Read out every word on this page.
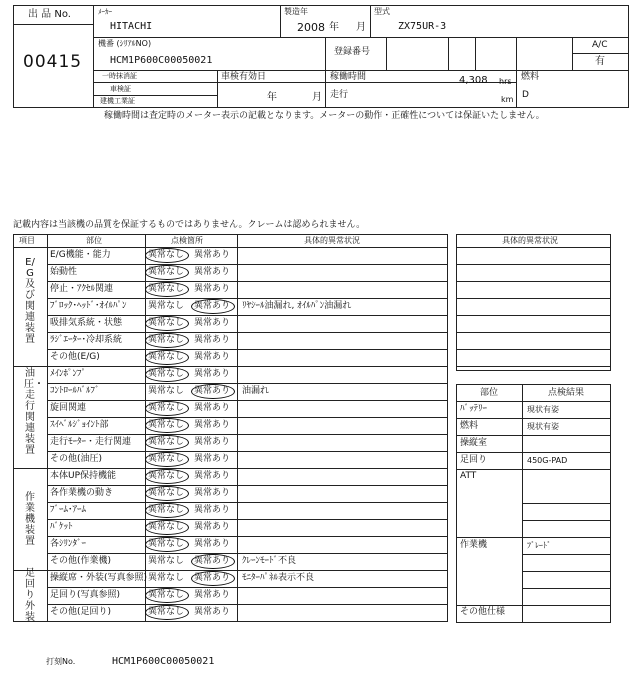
出 品 No.
00415
ﾒｰｶｰ
HITACHI
製造年
2008 年 月
型式
ZX75UR-3
機番 (ｼﾘｱﾙNO)
HCM1P600C00050021
登録番号
A/C
有
一時抹消証
車検証
建機工業証
車検有効日
年	月
稼働時間	4,308 hrs
走行	km
燃料
D
稼働時間は査定時のメーター表示の記載となります。メーターの動作・正確性については保証いたしません。
記載内容は当該機の品質を保証するものではありません。クレームは認められません。
項目	部位	点検箇所	具体的異常状況
E/G機能・能力	異常なし 異常あり
始動性	異常なし 異常あり
停止・ｱｸｾﾙ関連	異常なし 異常あり
ﾌﾞﾛｯｸ･ﾍｯﾄﾞ･ｵｲﾙﾊﾟﾝ 異常なし 異常あり ﾘﾔｼｰﾙ油漏れ, ｵｲﾙﾊﾟﾝ油漏れ
吸排気系統・状態	異常なし 異常あり
ﾗｼﾞｴｰﾀｰ･冷却系統	異常なし 異常あり
その他(E/G)	異常なし 異常あり
E/G及び関連装置
ﾒｲﾝﾎﾟﾝﾌﾟ	異常なし 異常あり
ｺﾝﾄﾛｰﾙﾊﾞﾙﾌﾞ	異常なし 異常あり 油漏れ
旋回関連	異常なし 異常あり
ｽｲﾍﾞﾙｼﾞｮｲﾝﾄ部	異常なし 異常あり
走行ﾓｰﾀｰ・走行関連 異常なし 異常あり
その他(油圧)	異常なし 異常あり
油圧・走行関連装置
本体UP保持機能	異常なし 異常あり
各作業機の動き	異常なし 異常あり
ﾌﾞｰﾑ･ｱｰﾑ	異常なし 異常あり
ﾊﾞｹｯﾄ	異常なし 異常あり
各ｼﾘﾝﾀﾞｰ	異常なし 異常あり
その他(作業機)	異常なし 異常あり ｸﾚｰﾝﾓｰﾄﾞ不良
作業機装置
操縦席・外装(写真参照) 異常なし 異常あり ﾓﾆﾀｰﾊﾟﾈﾙ表示不良
足回り(写真参照)	異常なし 異常あり
その他(足回り)	異常なし 異常あり
足回り外装
具体的異常状況
部位	点検結果
ﾊﾞｯﾃﾘｰ	現状有姿
燃料	現状有姿
操縦室
足回り	450G-PAD
ATT
作業機	ﾌﾞﾚｰﾄﾞ
その他仕様
打刻No.	HCM1P600C00050021
